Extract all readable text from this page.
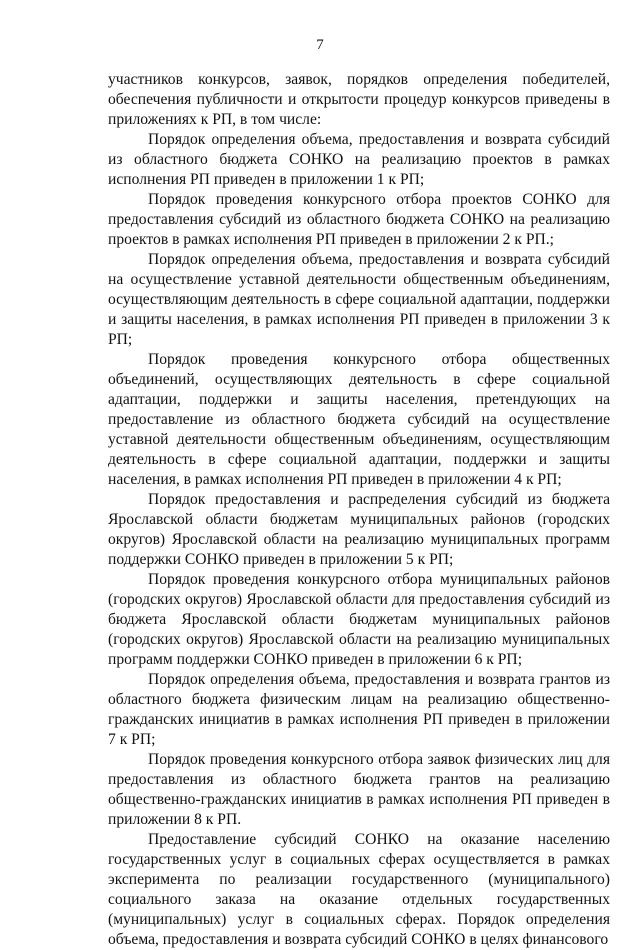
7

участников конкурсов, заявок, порядков определения победителей, обеспечения публичности и открытости процедур конкурсов приведены в приложениях к РП, в том числе:

Порядок определения объема, предоставления и возврата субсидий из областного бюджета СОНКО на реализацию проектов в рамках исполнения РП приведен в приложении 1 к РП;

Порядок проведения конкурсного отбора проектов СОНКО для предоставления субсидий из областного бюджета СОНКО на реализацию проектов в рамках исполнения РП приведен в приложении 2 к РП.;

Порядок определения объема, предоставления и возврата субсидий на осуществление уставной деятельности общественным объединениям, осуществляющим деятельность в сфере социальной адаптации, поддержки и защиты населения, в рамках исполнения РП приведен в приложении 3 к РП;

Порядок проведения конкурсного отбора общественных объединений, осуществляющих деятельность в сфере социальной адаптации, поддержки и защиты населения, претендующих на предоставление из областного бюджета субсидий на осуществление уставной деятельности общественным объединениям, осуществляющим деятельность в сфере социальной адаптации, поддержки и защиты населения, в рамках исполнения РП приведен в приложении 4 к РП;

Порядок предоставления и распределения субсидий из бюджета Ярославской области бюджетам муниципальных районов (городских округов) Ярославской области на реализацию муниципальных программ поддержки СОНКО приведен в приложении 5 к РП;

Порядок проведения конкурсного отбора муниципальных районов (городских округов) Ярославской области для предоставления субсидий из бюджета Ярославской области бюджетам муниципальных районов (городских округов) Ярославской области на реализацию муниципальных программ поддержки СОНКО приведен в приложении 6 к РП;

Порядок определения объема, предоставления и возврата грантов из областного бюджета физическим лицам на реализацию общественно-гражданских инициатив в рамках исполнения РП приведен в приложении 7 к РП;

Порядок проведения конкурсного отбора заявок физических лиц для предоставления из областного бюджета грантов на реализацию общественно-гражданских инициатив в рамках исполнения РП приведен в приложении 8 к РП.

Предоставление субсидий СОНКО на оказание населению государственных услуг в социальных сферах осуществляется в рамках эксперимента по реализации государственного (муниципального) социального заказа на оказание отдельных государственных (муниципальных) услуг в социальных сферах. Порядок определения объема, предоставления и возврата субсидий СОНКО в целях финансового
